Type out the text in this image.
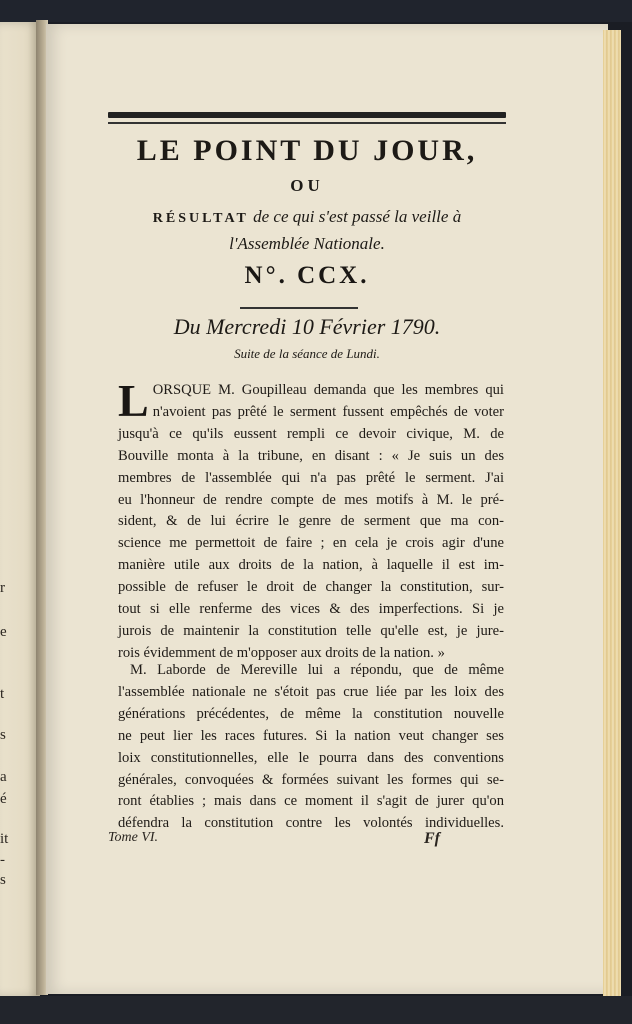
r
e
t
s
a
é
it
-
s
LE POINT DU JOUR,
OU
RÉSULTAT de ce qui s'est passé la veille à
l'Assemblée Nationale.
N°. CCX.
Du Mercredi 10 Février 1790.
Suite de la séance de Lundi.
L ORSQUE M. Goupilleau demanda que les membres qui
n'avoient pas prêté le serment fussent empêchés de voter
jusqu'à ce qu'ils eussent rempli ce devoir civique, M. de
Bouville monta à la tribune, en disant : « Je suis un des
membres de l'assemblée qui n'a pas prêté le serment. J'ai
eu l'honneur de rendre compte de mes motifs à M. le pré-
sident, & de lui écrire le genre de serment que ma con-
science me permettoit de faire ; en cela je crois agir d'une
manière utile aux droits de la nation, à laquelle il est im-
possible de refuser le droit de changer la constitution, sur-
tout si elle renferme des vices & des imperfections. Si je
jurois de maintenir la constitution telle qu'elle est, je jure-
rois évidemment de m'opposer aux droits de la nation. »
M. Laborde de Mereville lui a répondu, que de même
l'assemblée nationale ne s'étoit pas crue liée par les loix des
générations précédentes, de même la constitution nouvelle
ne peut lier les races futures. Si la nation veut changer ses
loix constitutionnelles, elle le pourra dans des conventions
générales, convoquées & formées suivant les formes qui se-
ront établies ; mais dans ce moment il s'agit de jurer qu'on
défendra la constitution contre les volontés individuelles.
Tome VI.	Ff
